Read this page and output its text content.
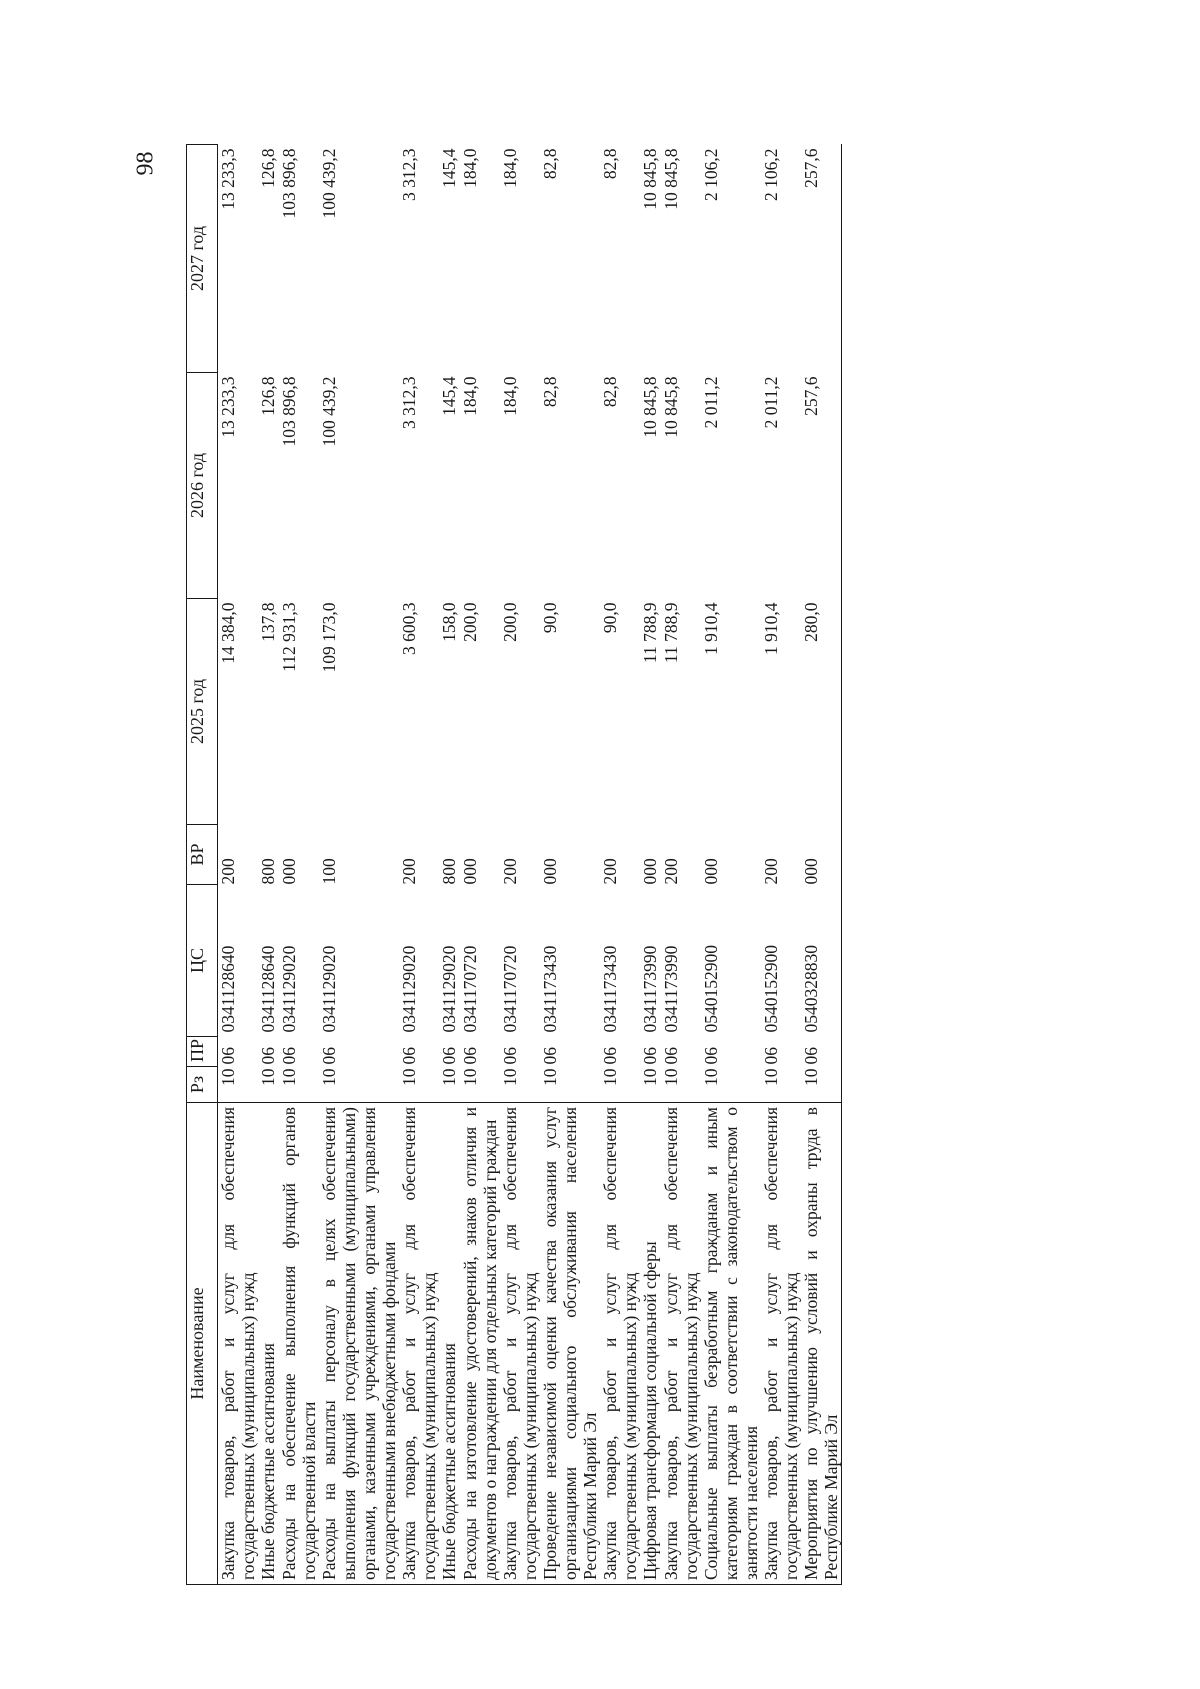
98
Наименование	Рз	ПР	ЦС	ВР	2025 год	2026 год	2027 год
Закупка товаров, работ и услуг для обеспечения государственных (муниципальных) нужд	10	06	0341128640	200	14 384,0	13 233,3	13 233,3
Иные бюджетные ассигнования	10	06	0341128640	800	137,8	126,8	126,8
Расходы на обеспечение выполнения функций органов государственной власти	10	06	0341129020	000	112 931,3	103 896,8	103 896,8
Расходы на выплаты персоналу в целях обеспечения выполнения функций государственными (муниципальными) органами, казенными учреждениями, органами управления государственными внебюджетными фондами	10	06	0341129020	100	109 173,0	100 439,2	100 439,2
Закупка товаров, работ и услуг для обеспечения государственных (муниципальных) нужд	10	06	0341129020	200	3 600,3	3 312,3	3 312,3
Иные бюджетные ассигнования	10	06	0341129020	800	158,0	145,4	145,4
Расходы на изготовление удостоверений, знаков отличия и документов о награждении для отдельных категорий граждан	10	06	0341170720	000	200,0	184,0	184,0
Закупка товаров, работ и услуг для обеспечения государственных (муниципальных) нужд	10	06	0341170720	200	200,0	184,0	184,0
Проведение независимой оценки качества оказания услуг организациями социального обслуживания населения Республики Марий Эл	10	06	0341173430	000	90,0	82,8	82,8
Закупка товаров, работ и услуг для обеспечения государственных (муниципальных) нужд	10	06	0341173430	200	90,0	82,8	82,8
Цифровая трансформация социальной сферы	10	06	0341173990	000	11 788,9	10 845,8	10 845,8
Закупка товаров, работ и услуг для обеспечения государственных (муниципальных) нужд	10	06	0341173990	200	11 788,9	10 845,8	10 845,8
Социальные выплаты безработным гражданам и иным категориям граждан в соответствии с законодательством о занятости населения	10	06	0540152900	000	1 910,4	2 011,2	2 106,2
Закупка товаров, работ и услуг для обеспечения государственных (муниципальных) нужд	10	06	0540152900	200	1 910,4	2 011,2	2 106,2
Мероприятия по улучшению условий и охраны труда в Республике Марий Эл	10	06	0540328830	000	280,0	257,6	257,6
